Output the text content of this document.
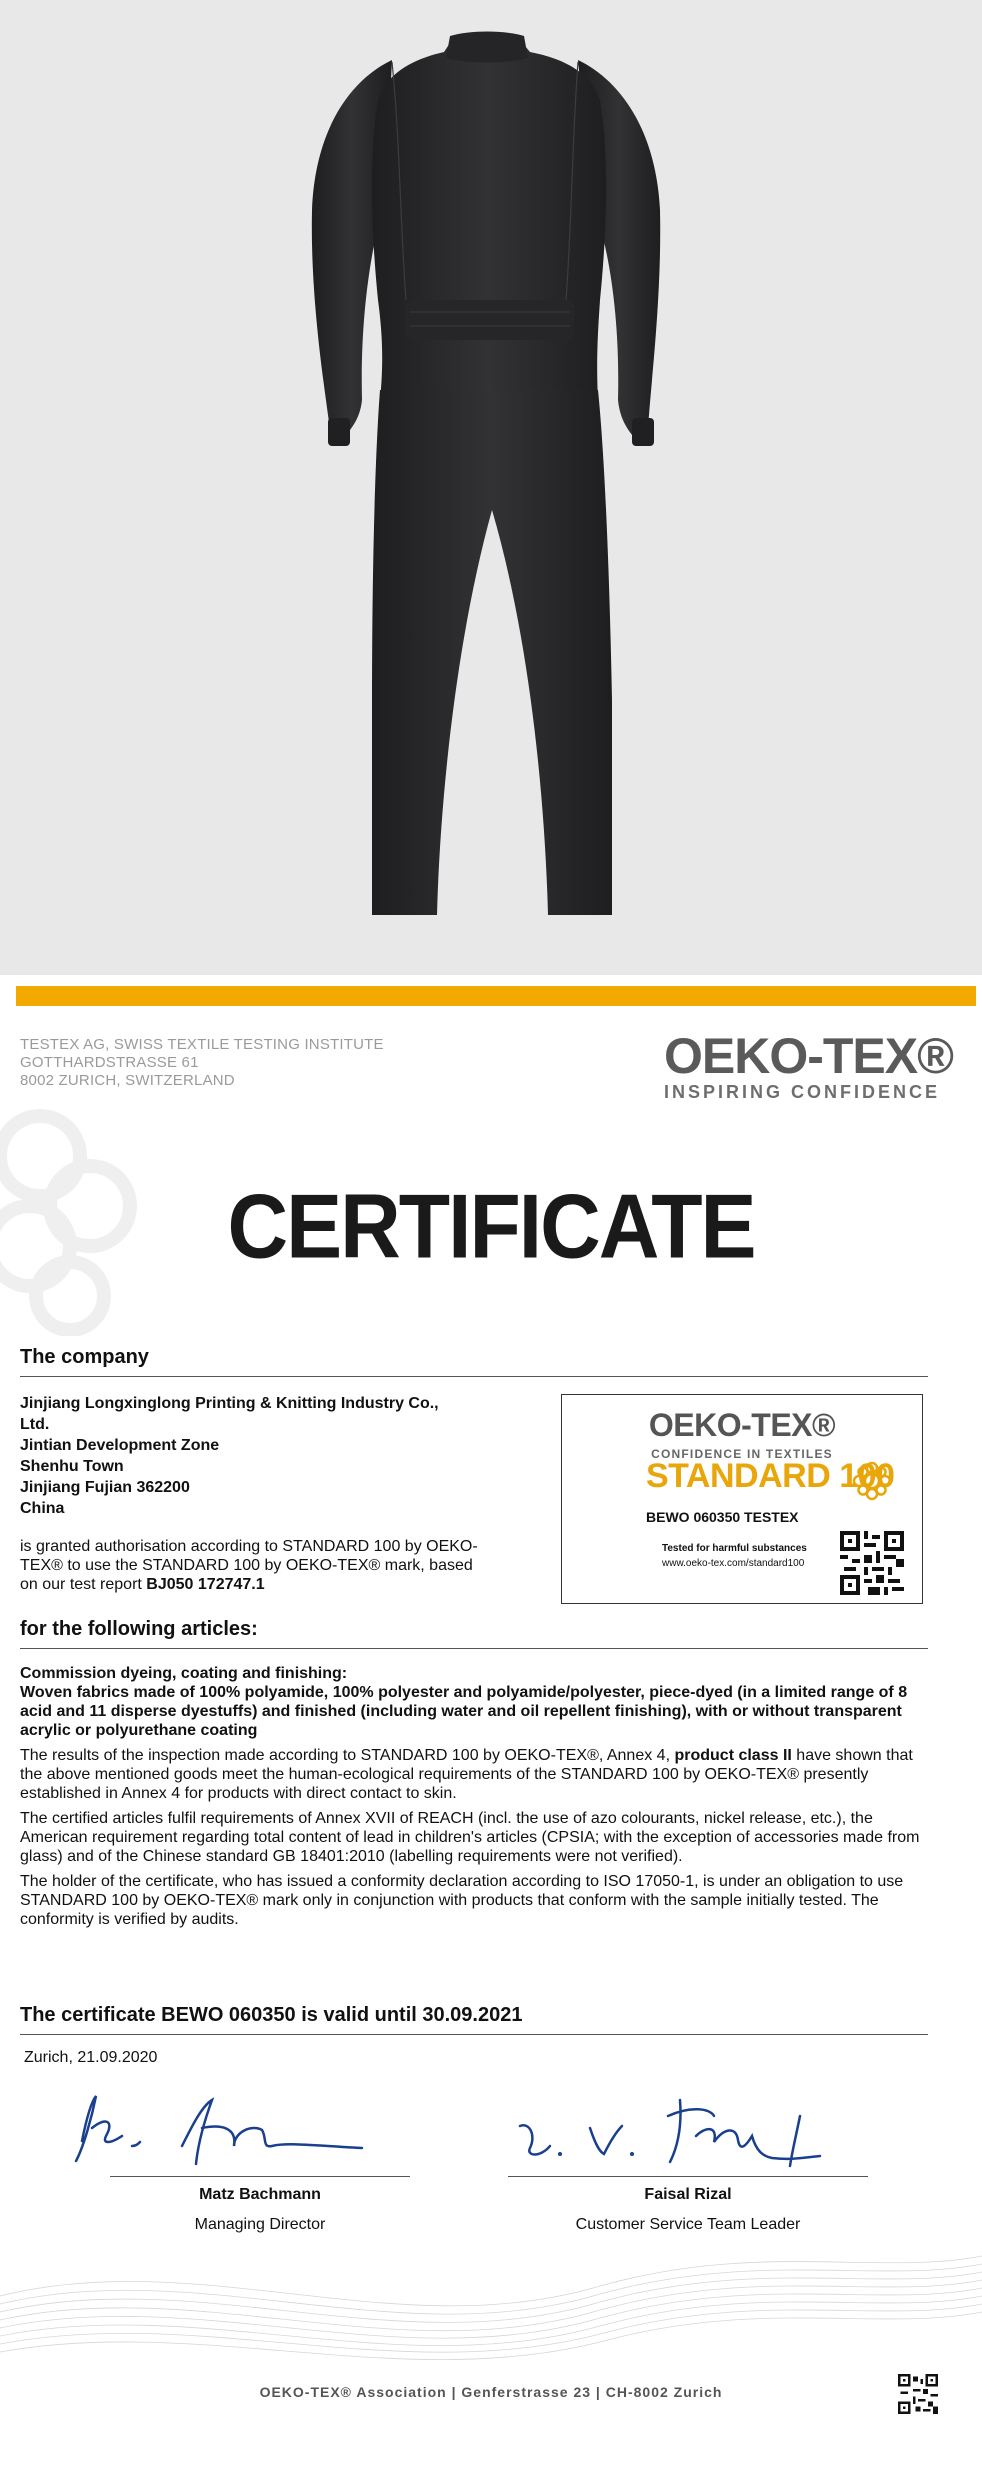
TESTEX AG, SWISS TEXTILE TESTING INSTITUTE
GOTTHARDSTRASSE 61
8002 ZURICH, SWITZERLAND	OEKO-TEX®
INSPIRING CONFIDENCE
CERTIFICATE
The company
Jinjiang Longxinglong Printing & Knitting Industry Co.,
Ltd.
Jintian Development Zone
Shenhu Town
Jinjiang Fujian 362200
China
is granted authorisation according to STANDARD 100 by OEKO-TEX® to use the STANDARD 100 by OEKO-TEX® mark, based on our test report BJ050 172747.1
OEKO-TEX®
CONFIDENCE IN TEXTILES
STANDARD 100
BEWO 060350 TESTEX
Tested for harmful substances
www.oeko-tex.com/standard100
for the following articles:

Commission dyeing, coating and finishing:
Woven fabrics made of 100% polyamide, 100% polyester and polyamide/polyester, piece-dyed (in a limited range of 8 acid and 11 disperse dyestuffs) and finished (including water and oil repellent finishing), with or without transparent acrylic or polyurethane coating

The results of the inspection made according to STANDARD 100 by OEKO-TEX®, Annex 4, product class II have shown that the above mentioned goods meet the human-ecological requirements of the STANDARD 100 by OEKO-TEX® presently established in Annex 4 for products with direct contact to skin.

The certified articles fulfil requirements of Annex XVII of REACH (incl. the use of azo colourants, nickel release, etc.), the American requirement regarding total content of lead in children's articles (CPSIA; with the exception of accessories made from glass) and of the Chinese standard GB 18401:2010 (labelling requirements were not verified).

The holder of the certificate, who has issued a conformity declaration according to ISO 17050-1, is under an obligation to use STANDARD 100 by OEKO-TEX® mark only in conjunction with products that conform with the sample initially tested. The conformity is verified by audits.

The certificate BEWO 060350 is valid until 30.09.2021
Zurich, 21.09.2020
Matz Bachmann
Managing Director
Faisal Rizal
Customer Service Team Leader
OEKO-TEX® Association | Genferstrasse 23 | CH-8002 Zurich
